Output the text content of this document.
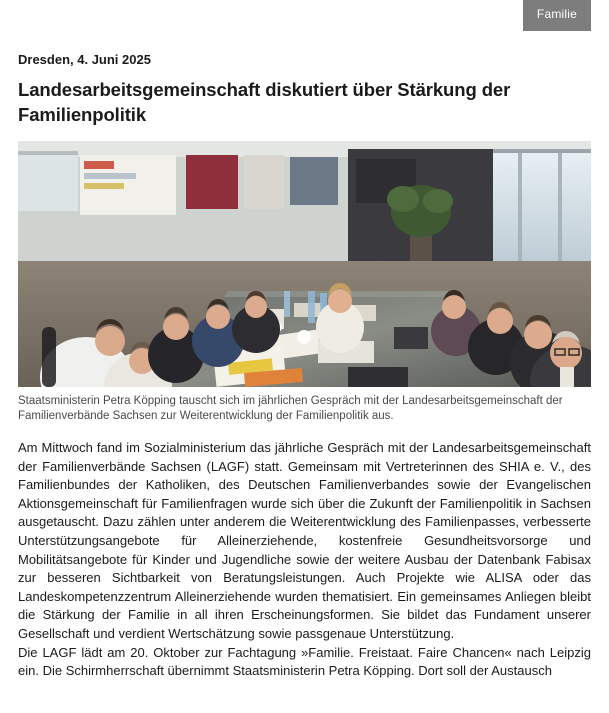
Familie
Dresden, 4. Juni 2025
Landesarbeitsgemeinschaft diskutiert über Stärkung der Familienpolitik
Staatsministerin Petra Köpping tauscht sich im jährlichen Gespräch mit der Landesarbeitsgemeinschaft der Familienverbände Sachsen zur Weiterentwicklung der Familienpolitik aus.

Am Mittwoch fand im Sozialministerium das jährliche Gespräch mit der Landesarbeitsgemeinschaft der Familienverbände Sachsen (LAGF) statt. Gemeinsam mit Vertreterinnen des SHIA e. V., des Familienbundes der Katholiken, des Deutschen Familienverbandes sowie der Evangelischen Aktionsgemeinschaft für Familienfragen wurde sich über die Zukunft der Familienpolitik in Sachsen ausgetauscht. Dazu zählen unter anderem die Weiterentwicklung des Familienpasses, verbesserte Unterstützungsangebote für Alleinerziehende, kostenfreie Gesundheitsvorsorge und Mobilitätsangebote für Kinder und Jugendliche sowie der weitere Ausbau der Datenbank Fabisax zur besseren Sichtbarkeit von Beratungsleistungen. Auch Projekte wie ALISA oder das Landeskompetenzzentrum Alleinerziehende wurden thematisiert. Ein gemeinsames Anliegen bleibt die Stärkung der Familie in all ihren Erscheinungsformen. Sie bildet das Fundament unserer Gesellschaft und verdient Wertschätzung sowie passgenaue Unterstützung.

Die LAGF lädt am 20. Oktober zur Fachtagung »Familie. Freistaat. Faire Chancen« nach Leipzig ein. Die Schirmherrschaft übernimmt Staatsministerin Petra Köpping. Dort soll der Austausch
